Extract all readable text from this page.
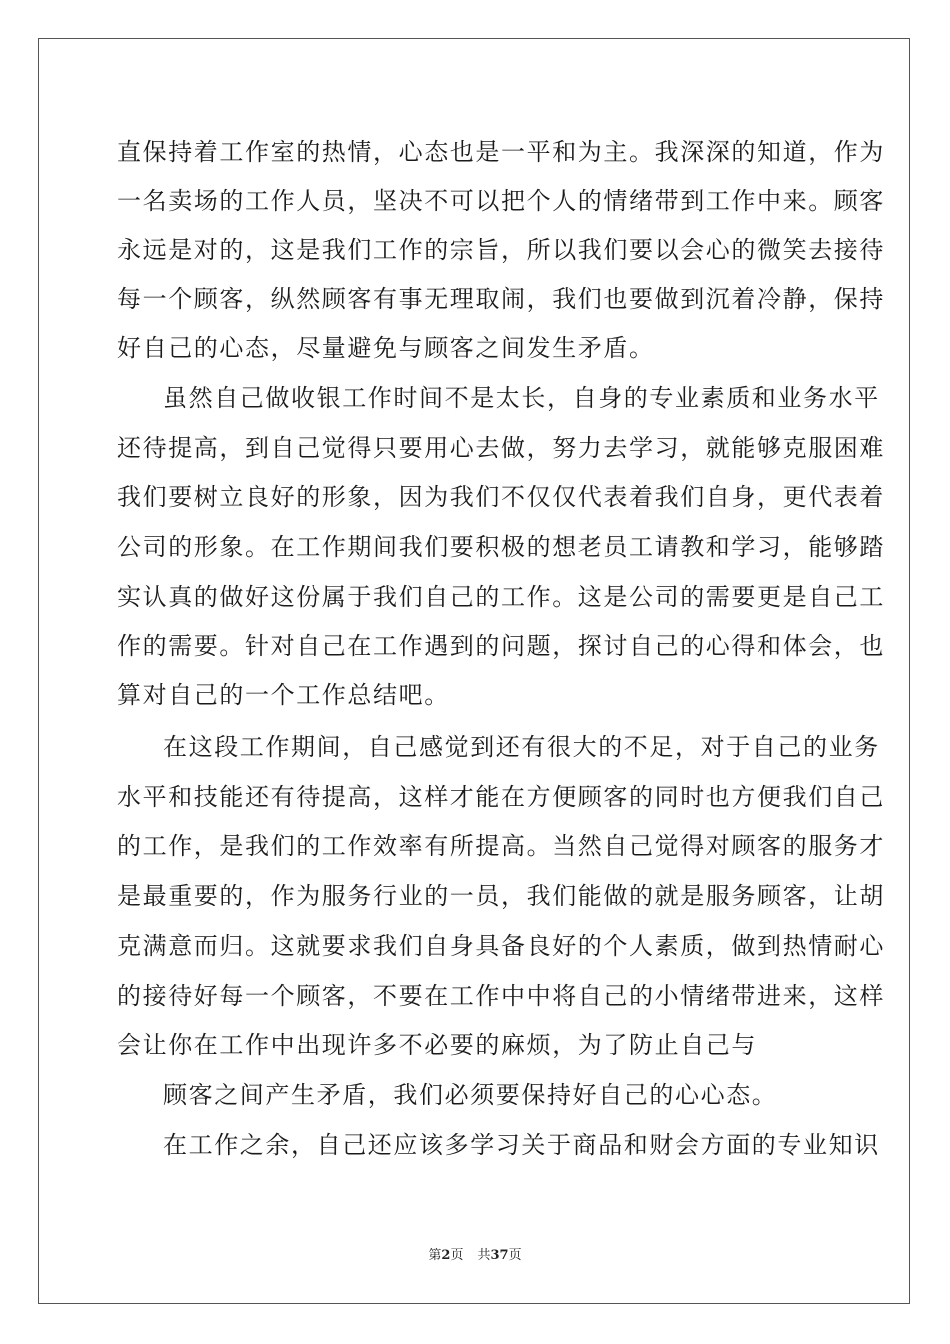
直保持着工作室的热情，心态也是一平和为主。我深深的知道，作为
一名卖场的工作人员，坚决不可以把个人的情绪带到工作中来。顾客
永远是对的，这是我们工作的宗旨，所以我们要以会心的微笑去接待
每一个顾客，纵然顾客有事无理取闹，我们也要做到沉着冷静，保持
好自己的心态，尽量避免与顾客之间发生矛盾。
虽然自己做收银工作时间不是太长，自身的专业素质和业务水平
还待提高，到自己觉得只要用心去做，努力去学习，就能够克服困难
我们要树立良好的形象，因为我们不仅仅代表着我们自身，更代表着
公司的形象。在工作期间我们要积极的想老员工请教和学习，能够踏
实认真的做好这份属于我们自己的工作。这是公司的需要更是自己工
作的需要。针对自己在工作遇到的问题，探讨自己的心得和体会，也
算对自己的一个工作总结吧。
在这段工作期间，自己感觉到还有很大的不足，对于自己的业务
水平和技能还有待提高，这样才能在方便顾客的同时也方便我们自己
的工作，是我们的工作效率有所提高。当然自己觉得对顾客的服务才
是最重要的，作为服务行业的一员，我们能做的就是服务顾客，让胡
克满意而归。这就要求我们自身具备良好的个人素质，做到热情耐心
的接待好每一个顾客，不要在工作中中将自己的小情绪带进来，这样
会让你在工作中出现许多不必要的麻烦，为了防止自己与
顾客之间产生矛盾，我们必须要保持好自己的心心态。
在工作之余，自己还应该多学习关于商品和财会方面的专业知识
第2页 共37页
